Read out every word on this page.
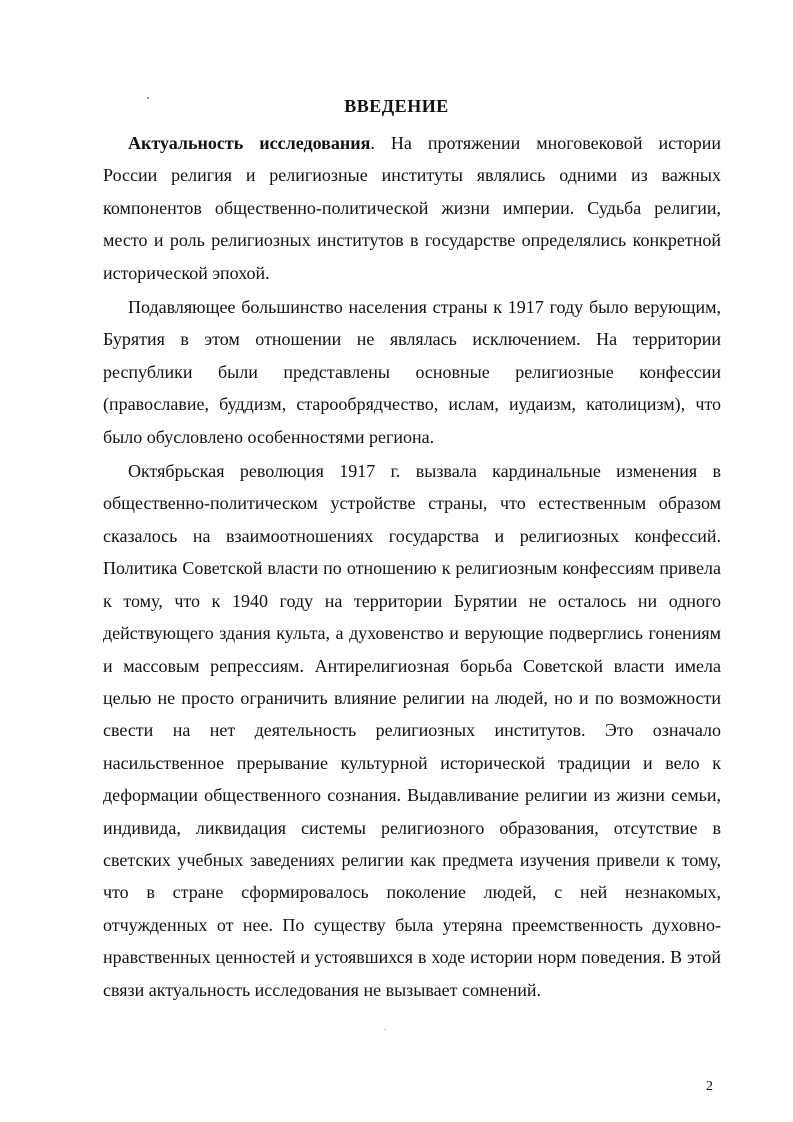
ВВЕДЕНИЕ

Актуальность исследования. На протяжении многовековой истории России религия и религиозные институты являлись одними из важных компонентов общественно-политической жизни империи. Судьба религии, место и роль религиозных институтов в государстве определялись конкретной исторической эпохой.

Подавляющее большинство населения страны к 1917 году было верующим, Бурятия в этом отношении не являлась исключением. На территории республики были представлены основные религиозные конфессии (православие, буддизм, старообрядчество, ислам, иудаизм, католицизм), что было обусловлено особенностями региона.

Октябрьская революция 1917 г. вызвала кардинальные изменения в общественно-политическом устройстве страны, что естественным образом сказалось на взаимоотношениях государства и религиозных конфессий. Политика Советской власти по отношению к религиозным конфессиям привела к тому, что к 1940 году на территории Бурятии не осталось ни одного действующего здания культа, а духовенство и верующие подверглись гонениям и массовым репрессиям. Антирелигиозная борьба Советской власти имела целью не просто ограничить влияние религии на людей, но и по возможности свести на нет деятельность религиозных институтов. Это означало насильственное прерывание культурной исторической традиции и вело к деформации общественного сознания. Выдавливание религии из жизни семьи, индивида, ликвидация системы религиозного образования, отсутствие в светских учебных заведениях религии как предмета изучения привели к тому, что в стране сформировалось поколение людей, с ней незнакомых, отчужденных от нее. По существу была утеряна преемственность духовно-нравственных ценностей и устоявшихся в ходе истории норм поведения. В этой связи актуальность исследования не вызывает сомнений.

2
